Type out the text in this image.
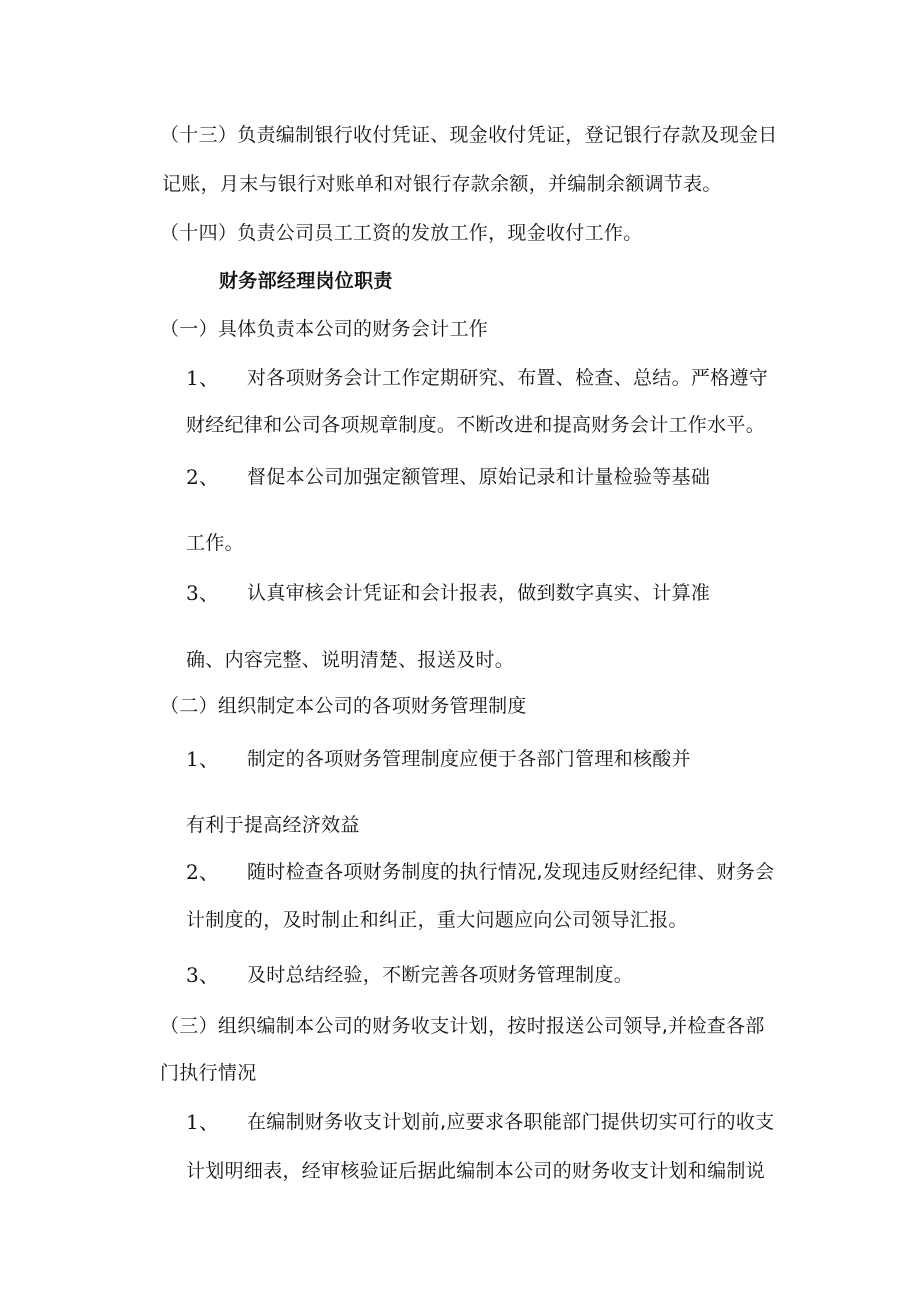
（十三）负责编制银行收付凭证、现金收付凭证，登记银行存款及现金日

记账，月末与银行对账单和对银行存款余额，并编制余额调节表。

（十四）负责公司员工工资的发放工作，现金收付工作。

财务部经理岗位职责

（一）具体负责本公司的财务会计工作

1、 对各项财务会计工作定期研究、布置、检查、总结。严格遵守

财经纪律和公司各项规章制度。不断改进和提高财务会计工作水平。

2、 督促本公司加强定额管理、原始记录和计量检验等基础

工作。

3、 认真审核会计凭证和会计报表，做到数字真实、计算准

确、内容完整、说明清楚、报送及时。

（二）组织制定本公司的各项财务管理制度

1、 制定的各项财务管理制度应便于各部门管理和核酸并

有利于提高经济效益

2、 随时检查各项财务制度的执行情况,发现违反财经纪律、财务会

计制度的，及时制止和纠正，重大问题应向公司领导汇报。

3、 及时总结经验，不断完善各项财务管理制度。

（三）组织编制本公司的财务收支计划，按时报送公司领导,并检查各部

门执行情况

1、 在编制财务收支计划前,应要求各职能部门提供切实可行的收支

计划明细表，经审核验证后据此编制本公司的财务收支计划和编制说
